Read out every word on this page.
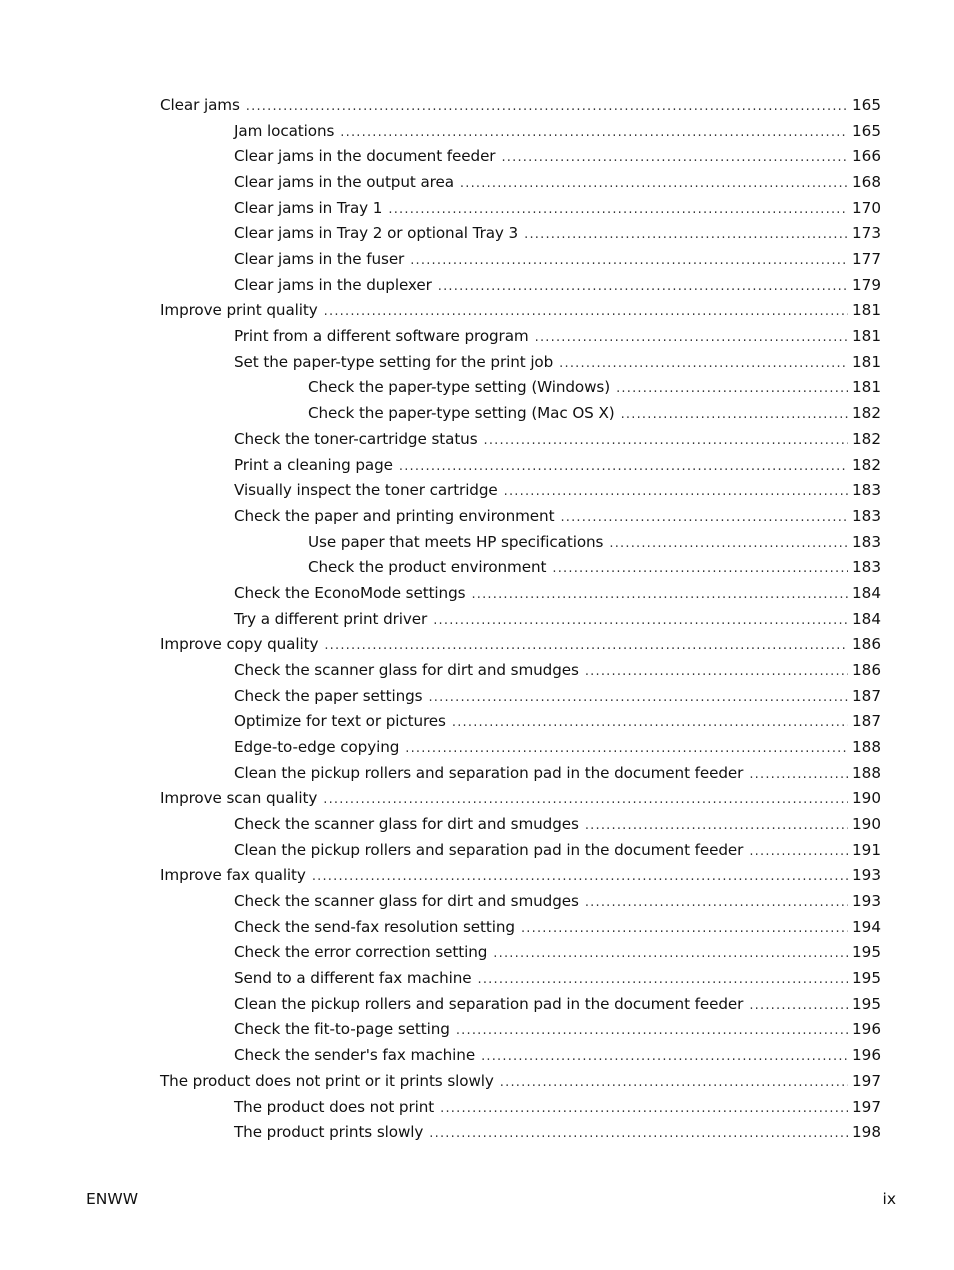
Clear jams .....	165
Jam locations .....	165
Clear jams in the document feeder .....	166
Clear jams in the output area .....	168
Clear jams in Tray 1 .....	170
Clear jams in Tray 2 or optional Tray 3 .....	173
Clear jams in the fuser .....	177
Clear jams in the duplexer .....	179
Improve print quality .....	181
Print from a different software program .....	181
Set the paper-type setting for the print job .....	181
Check the paper-type setting (Windows) .....	181
Check the paper-type setting (Mac OS X) .....	182
Check the toner-cartridge status .....	182
Print a cleaning page .....	182
Visually inspect the toner cartridge .....	183
Check the paper and printing environment .....	183
Use paper that meets HP specifications .....	183
Check the product environment .....	183
Check the EconoMode settings .....	184
Try a different print driver .....	184
Improve copy quality .....	186
Check the scanner glass for dirt and smudges .....	186
Check the paper settings .....	187
Optimize for text or pictures .....	187
Edge-to-edge copying .....	188
Clean the pickup rollers and separation pad in the document feeder .....	188
Improve scan quality .....	190
Check the scanner glass for dirt and smudges .....	190
Clean the pickup rollers and separation pad in the document feeder .....	191
Improve fax quality .....	193
Check the scanner glass for dirt and smudges .....	193
Check the send-fax resolution setting .....	194
Check the error correction setting .....	195
Send to a different fax machine .....	195
Clean the pickup rollers and separation pad in the document feeder .....	195
Check the fit-to-page setting .....	196
Check the sender's fax machine .....	196
The product does not print or it prints slowly .....	197
The product does not print .....	197
The product prints slowly .....	198
ENWW	ix
